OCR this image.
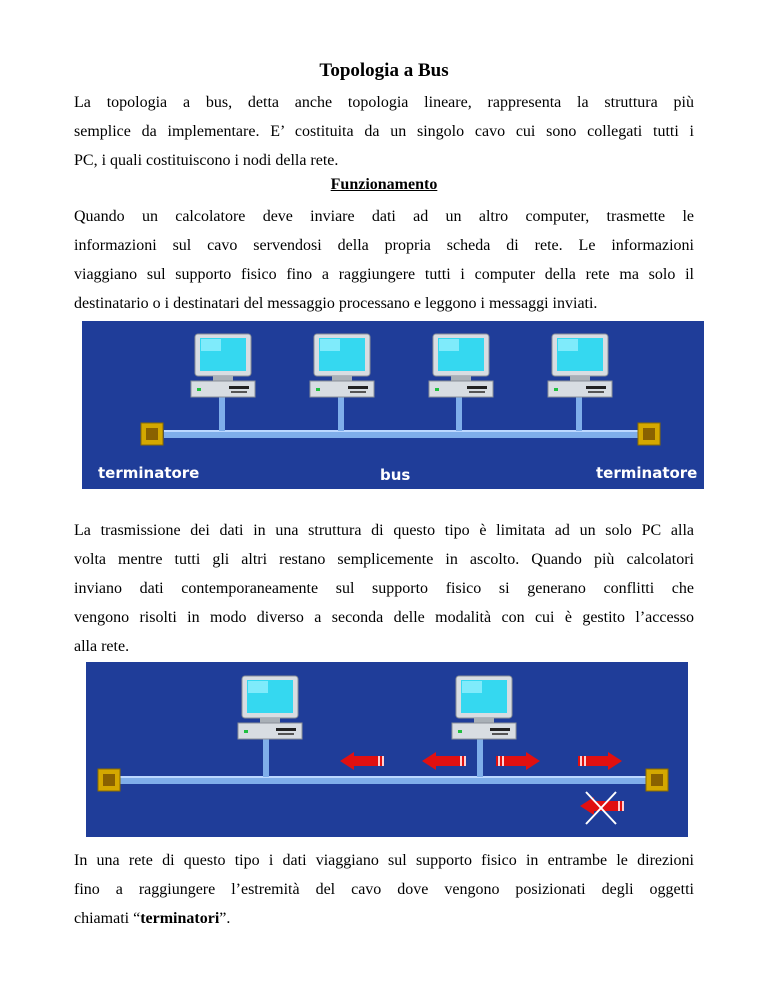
Topologia a Bus
La topologia a bus, detta anche topologia lineare, rappresenta la struttura più
semplice da implementare. E’ costituita da un singolo cavo cui sono collegati tutti i
PC, i quali costituiscono i nodi della rete.
Funzionamento
Quando un calcolatore deve inviare dati ad un altro computer, trasmette le
informazioni sul cavo servendosi della propria scheda di rete. Le informazioni
viaggiano sul supporto fisico fino a raggiungere tutti i computer della rete ma solo il
destinatario o i destinatari del messaggio processano e leggono i messaggi inviati.
terminatore	bus	terminatore
La trasmissione dei dati in una struttura di questo tipo è limitata ad un solo PC alla
volta mentre tutti gli altri restano semplicemente in ascolto. Quando più calcolatori
inviano dati contemporaneamente sul supporto fisico si generano conflitti che
vengono risolti in modo diverso a seconda delle modalità con cui è gestito l’accesso
alla rete.
In una rete di questo tipo i dati viaggiano sul supporto fisico in entrambe le direzioni
fino a raggiungere l’estremità del cavo dove vengono posizionati degli oggetti
chiamati “terminatori”.
